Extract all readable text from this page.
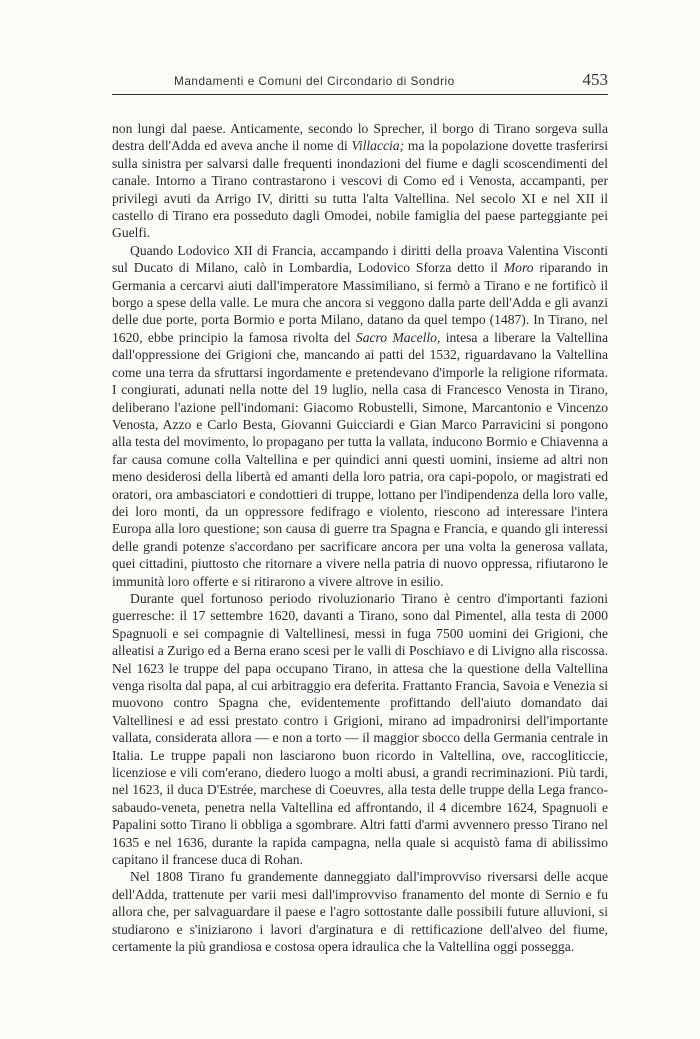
Mandamenti e Comuni del Circondario di Sondrio	453

non lungi dal paese. Anticamente, secondo lo Sprecher, il borgo di Tirano sorgeva sulla destra dell'Adda ed aveva anche il nome di Villaccia; ma la popolazione dovette trasferirsi sulla sinistra per salvarsi dalle frequenti inondazioni del fiume e dagli scoscendimenti del canale. Intorno a Tirano contrastarono i vescovi di Como ed i Venosta, accampanti, per privilegi avuti da Arrigo IV, diritti su tutta l'alta Valtellina. Nel secolo XI e nel XII il castello di Tirano era posseduto dagli Omodei, nobile famiglia del paese parteggiante pei Guelfi.

Quando Lodovico XII di Francia, accampando i diritti della proava Valentina Visconti sul Ducato di Milano, calò in Lombardia, Lodovico Sforza detto il Moro riparando in Germania a cercarvi aiuti dall'imperatore Massimiliano, si fermò a Tirano e ne fortificò il borgo a spese della valle. Le mura che ancora si veggono dalla parte dell'Adda e gli avanzi delle due porte, porta Bormio e porta Milano, datano da quel tempo (1487). In Tirano, nel 1620, ebbe principio la famosa rivolta del Sacro Macello, intesa a liberare la Valtellina dall'oppressione dei Grigioni che, mancando ai patti del 1532, riguardavano la Valtellina come una terra da sfruttarsi ingordamente e pretendevano d'imporle la religione riformata. I congiurati, adunati nella notte del 19 luglio, nella casa di Francesco Venosta in Tirano, deliberano l'azione pell'indomani: Giacomo Robustelli, Simone, Marcantonio e Vincenzo Venosta, Azzo e Carlo Besta, Giovanni Guicciardi e Gian Marco Parravicini si pongono alla testa del movimento, lo propagano per tutta la vallata, inducono Bormio e Chiavenna a far causa comune colla Valtellina e per quindici anni questi uomini, insieme ad altri non meno desiderosi della libertà ed amanti della loro patria, ora capi-popolo, or magistrati ed oratori, ora ambasciatori e condottieri di truppe, lottano per l'indipendenza della loro valle, dei loro monti, da un oppressore fedifrago e violento, riescono ad interessare l'intera Europa alla loro questione; son causa di guerre tra Spagna e Francia, e quando gli interessi delle grandi potenze s'accordano per sacrificare ancora per una volta la generosa vallata, quei cittadini, piuttosto che ritornare a vivere nella patria di nuovo oppressa, rifiutarono le immunità loro offerte e si ritirarono a vivere altrove in esilio.

Durante quel fortunoso periodo rivoluzionario Tirano è centro d'importanti fazioni guerresche: il 17 settembre 1620, davanti a Tirano, sono dal Pimentel, alla testa di 2000 Spagnuoli e sei compagnie di Valtellinesi, messi in fuga 7500 uomini dei Grigioni, che alleatisi a Zurigo ed a Berna erano scesi per le valli di Poschiavo e di Livigno alla riscossa. Nel 1623 le truppe del papa occupano Tirano, in attesa che la questione della Valtellina venga risolta dal papa, al cui arbitraggio era deferita. Frattanto Francia, Savoia e Venezia si muovono contro Spagna che, evidentemente profittando dell'aiuto domandato dai Valtellinesi e ad essi prestato contro i Grigioni, mirano ad impadronirsi dell'importante vallata, considerata allora — e non a torto — il maggior sbocco della Germania centrale in Italia. Le truppe papali non lasciarono buon ricordo in Valtellina, ove, raccogliticcie, licenziose e vili com'erano, diedero luogo a molti abusi, a grandi recriminazioni. Più tardi, nel 1623, il duca D'Estrée, marchese di Coeuvres, alla testa delle truppe della Lega franco-sabaudo-veneta, penetra nella Valtellina ed affrontando, il 4 dicembre 1624, Spagnuoli e Papalini sotto Tirano li obbliga a sgombrare. Altri fatti d'armi avvennero presso Tirano nel 1635 e nel 1636, durante la rapida campagna, nella quale si acquistò fama di abilissimo capitano il francese duca di Rohan.

Nel 1808 Tirano fu grandemente danneggiato dall'improvviso riversarsi delle acque dell'Adda, trattenute per varii mesi dall'improvviso franamento del monte di Sernio e fu allora che, per salvaguardare il paese e l'agro sottostante dalle possibili future alluvioni, si studiarono e s'iniziarono i lavori d'arginatura e di rettificazione dell'alveo del fiume, certamente la più grandiosa e costosa opera idraulica che la Valtellina oggi possegga.
